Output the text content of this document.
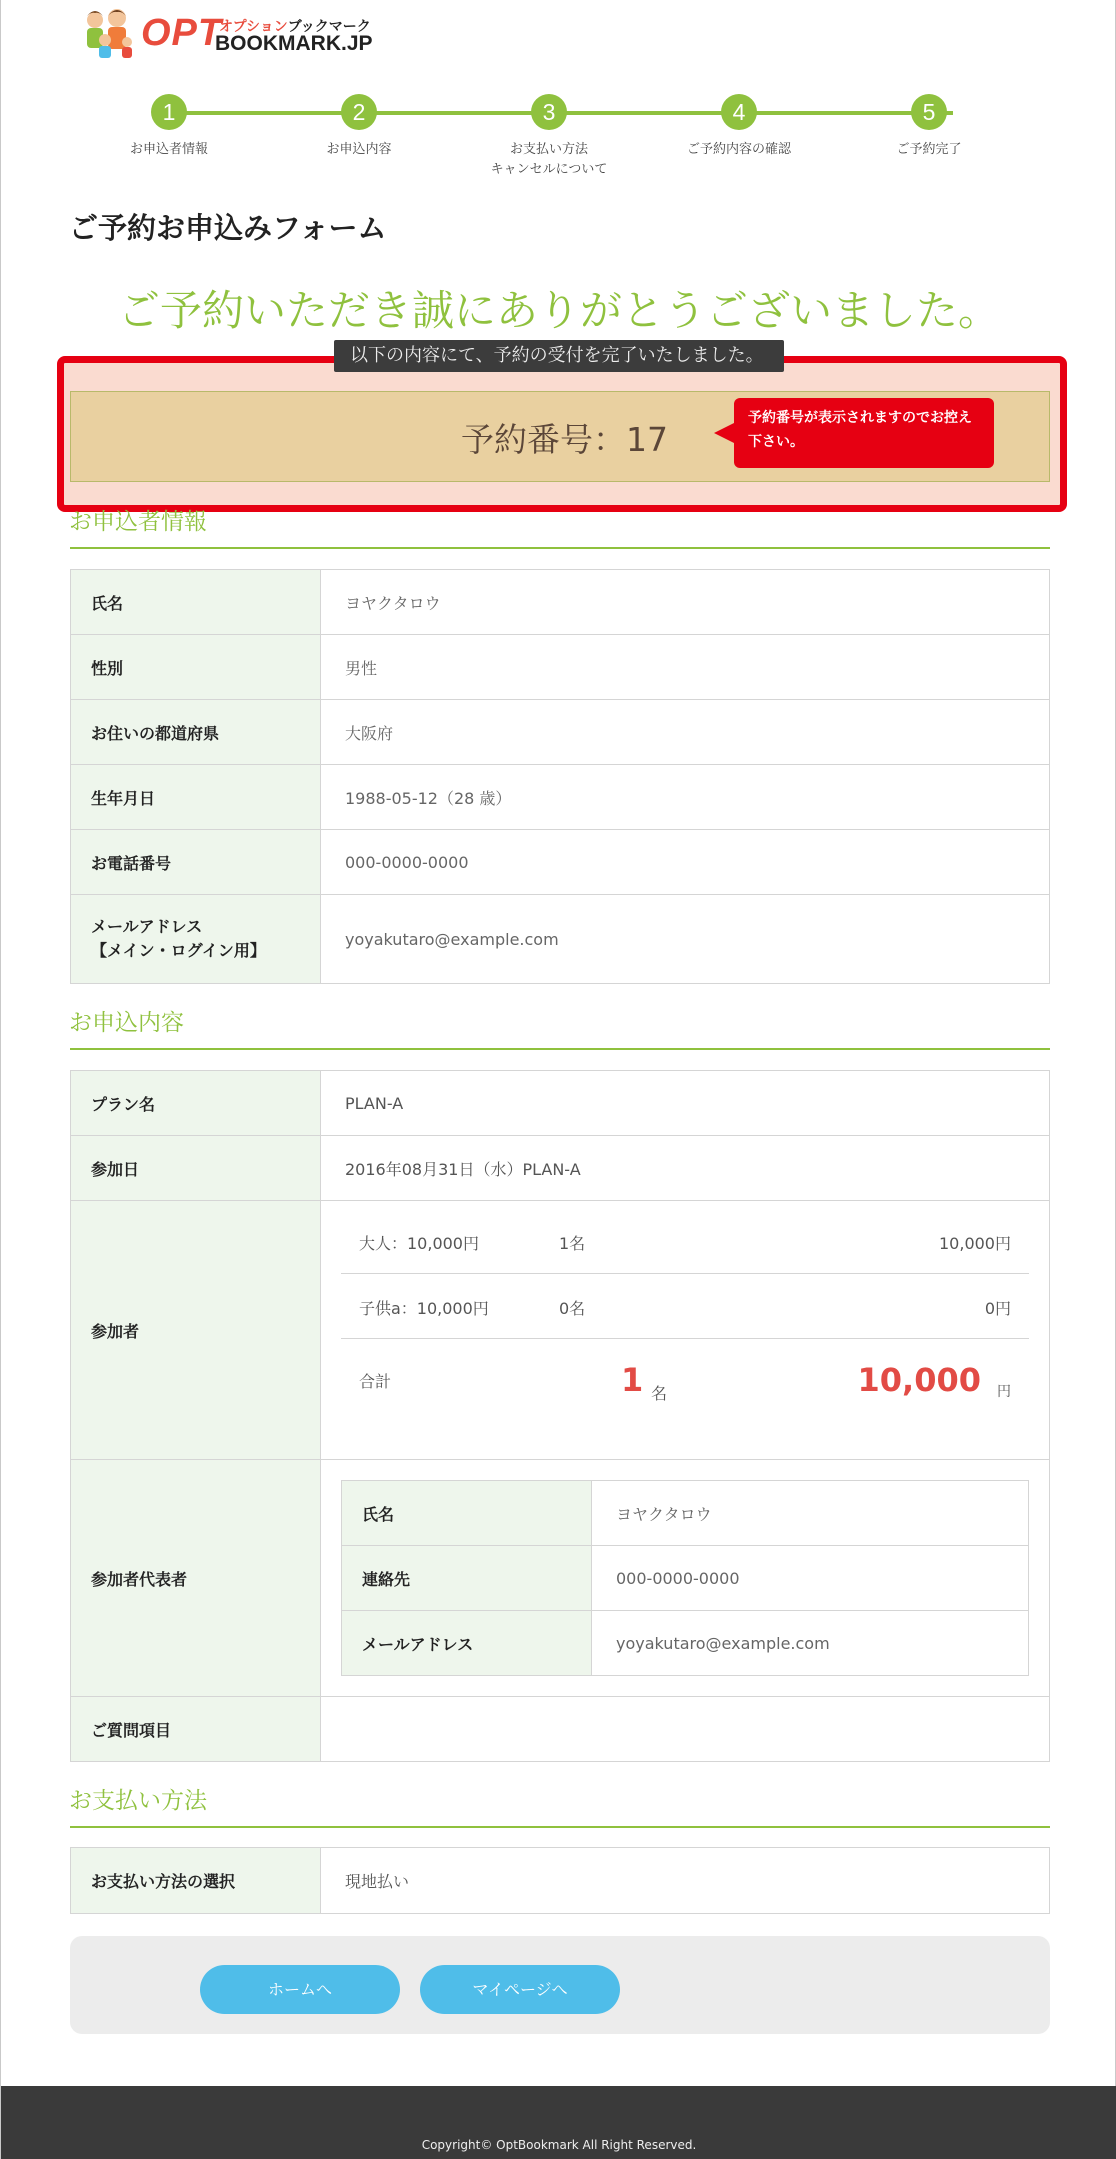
OPT
オプションブックマーク
BOOKMARK.JP
1
お申込者情報
2
お申込内容
3
お支払い方法
キャンセルについて
4
ご予約内容の確認
5
ご予約完了
ご予約お申込みフォーム
ご予約いただき誠にありがとうございました。
以下の内容にて、予約の受付を完了いたしました。
予約番号：17
予約番号が表示されますのでお控え下さい。
お申込者情報
氏名	ヨヤクタロウ
性別	男性
お住いの都道府県	大阪府
生年月日	1988-05-12（28 歳）
お電話番号	000-0000-0000
メールアドレス
【メイン・ログイン用】	yoyakutaro@example.com
お申込内容
プラン名	PLAN-A
参加日	2016年08月31日（水）PLAN-A
参加者	
大人：10,000円	1名	10,000円
子供a：10,000円	0名	0円
合計	1 名	10,000 円

参加者代表者	
氏名	ヨヤクタロウ
連絡先	000-0000-0000
メールアドレス	yoyakutaro@example.com

ご質問項目	
お支払い方法
お支払い方法の選択	現地払い
ホームへ	マイページへ
Copyright© OptBookmark All Right Reserved.
